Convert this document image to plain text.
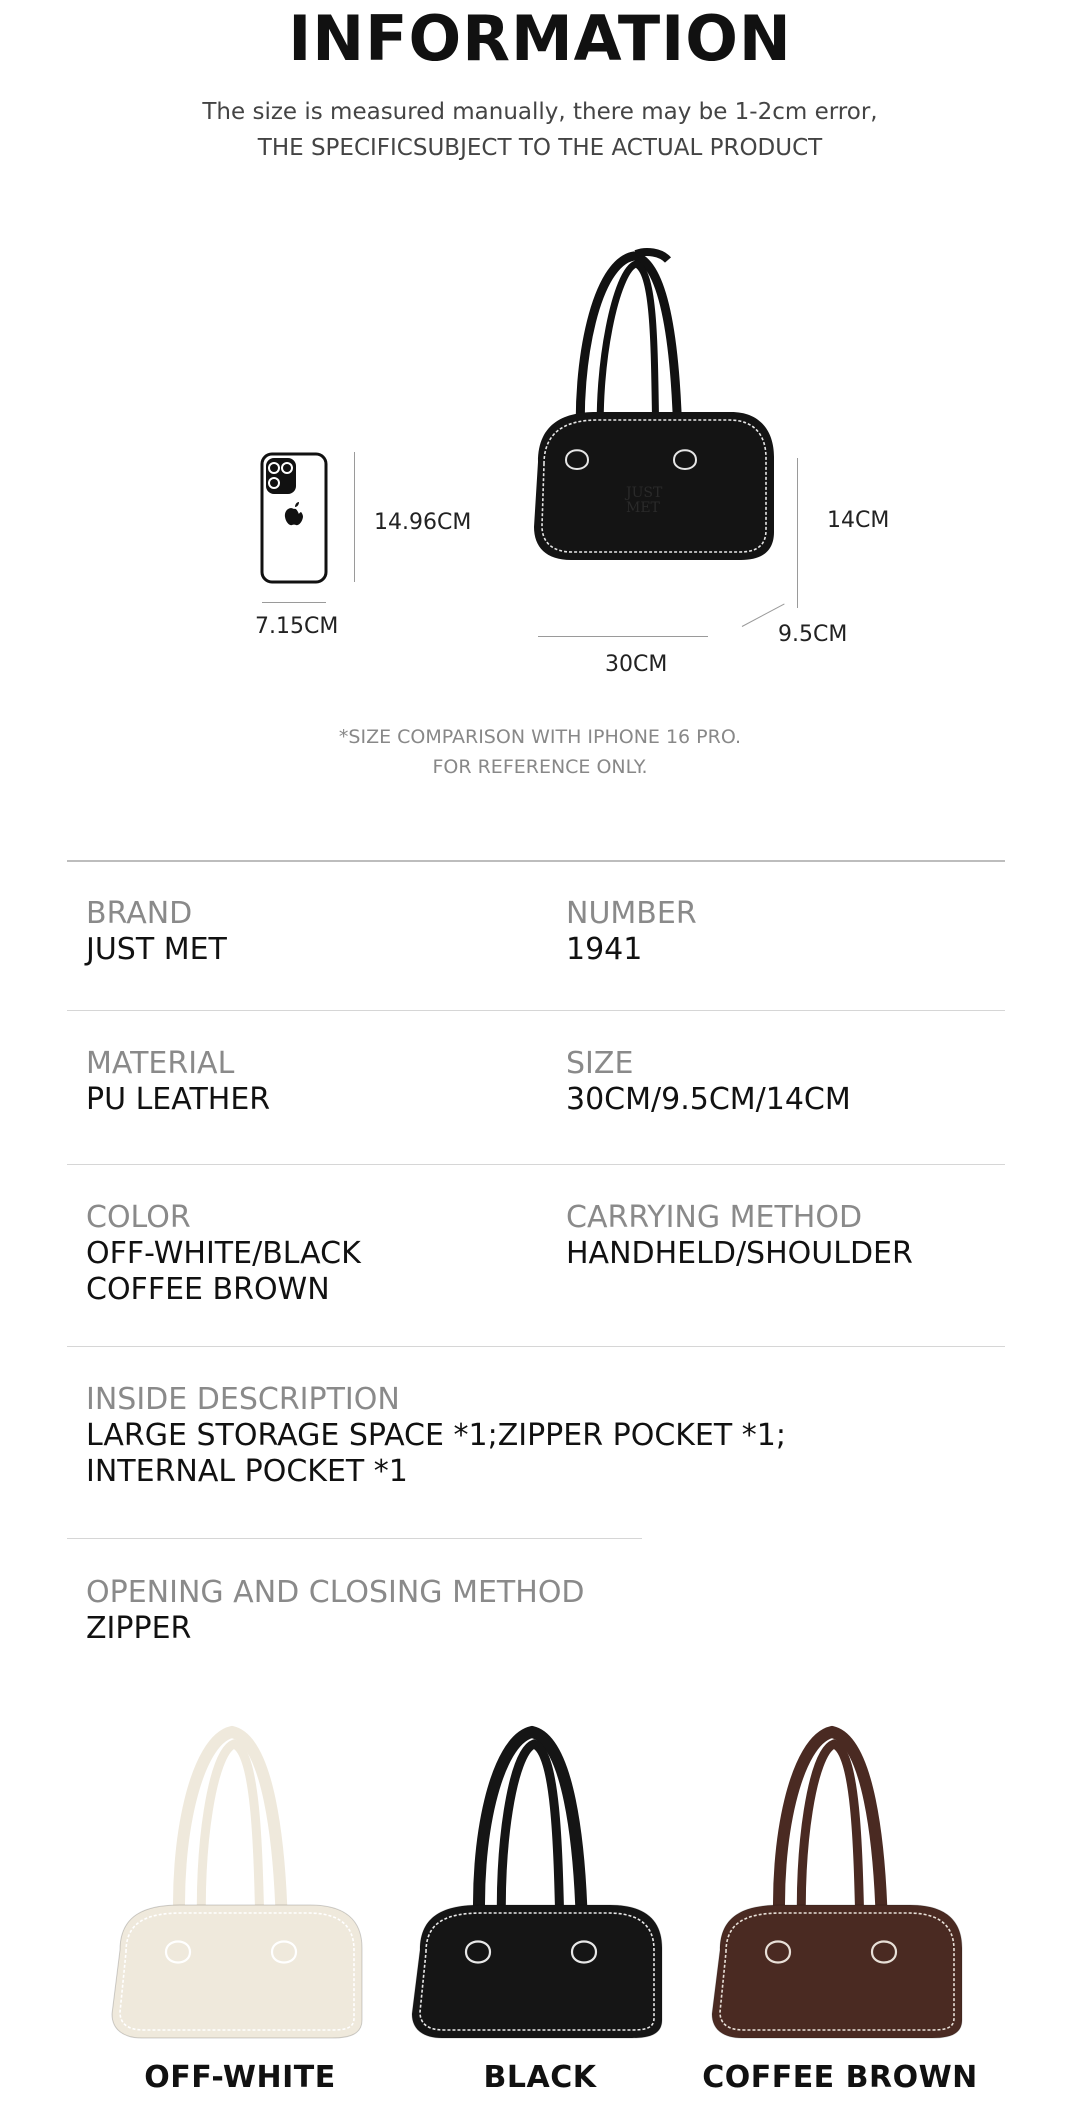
INFORMATION
The size is measured manually, there may be 1-2cm error,
THE SPECIFICSUBJECT TO THE ACTUAL PRODUCT
14.96CM
7.15CM
JUST
MET	14CM
9.5CM
30CM
*SIZE COMPARISON WITH IPHONE 16 PRO.
FOR REFERENCE ONLY.
BRAND
JUST MET
NUMBER
1941
MATERIAL
PU LEATHER
SIZE
30CM/9.5CM/14CM
COLOR
OFF-WHITE/BLACK
COFFEE BROWN
CARRYING METHOD
HANDHELD/SHOULDER
INSIDE DESCRIPTION
LARGE STORAGE SPACE *1;ZIPPER POCKET *1;
INTERNAL POCKET *1
OPENING AND CLOSING METHOD
ZIPPER
OFF-WHITE	BLACK	COFFEE BROWN
